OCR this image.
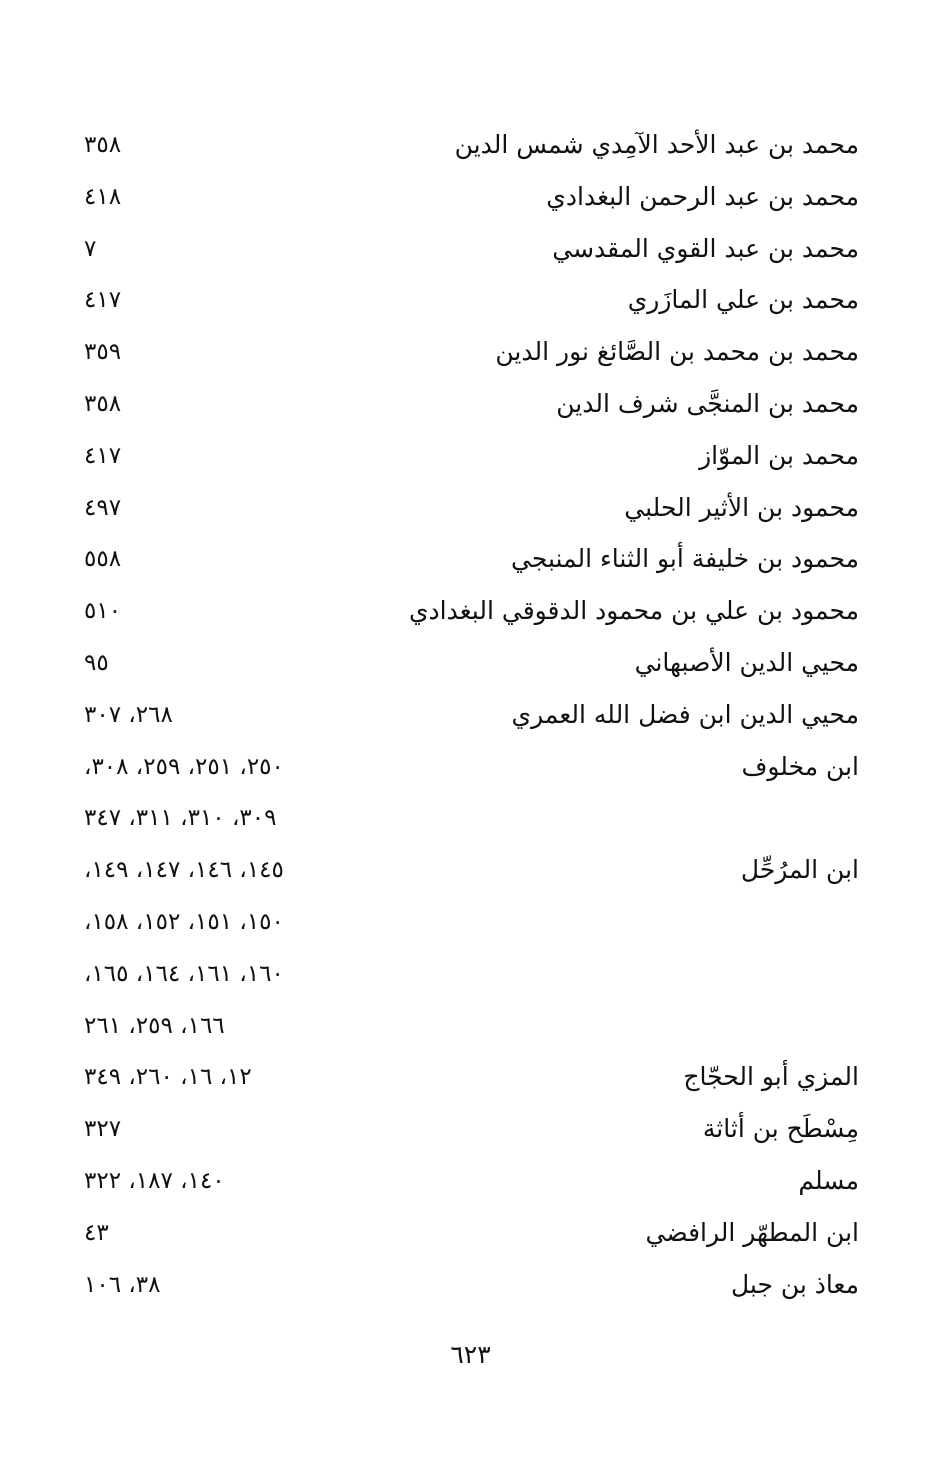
محمد بن عبد الأحد الآمِدي شمس الدين
٣٥٨
محمد بن عبد الرحمن البغدادي
٤١٨
محمد بن عبد القوي المقدسي
٧
محمد بن علي المازَري
٤١٧
محمد بن محمد بن الصَّائغ نور الدين
٣٥٩
محمد بن المنجَّى شرف الدين
٣٥٨
محمد بن الموّاز
٤١٧
محمود بن الأثير الحلبي
٤٩٧
محمود بن خليفة أبو الثناء المنبجي
٥٥٨
محمود بن علي بن محمود الدقوقي البغدادي
٥١٠
محيي الدين الأصبهاني
٩٥
محيي الدين ابن فضل الله العمري
٢٦٨، ٣٠٧
ابن مخلوف
٢٥٠، ٢٥١، ٢٥٩، ٣٠٨،
٣٠٩، ٣١٠، ٣١١، ٣٤٧
ابن المرُحِّل
١٤٥، ١٤٦، ١٤٧، ١٤٩،
١٥٠، ١٥١، ١٥٢، ١٥٨،
١٦٠، ١٦١، ١٦٤، ١٦٥،
١٦٦، ٢٥٩، ٢٦١
المزي أبو الحجّاج
١٢، ١٦، ٢٦٠، ٣٤٩
مِسْطَح بن أثاثة
٣٢٧
مسلم
١٤٠، ١٨٧، ٣٢٢
ابن المطهّر الرافضي
٤٣
معاذ بن جبل
٣٨، ١٠٦
٦٢٣
